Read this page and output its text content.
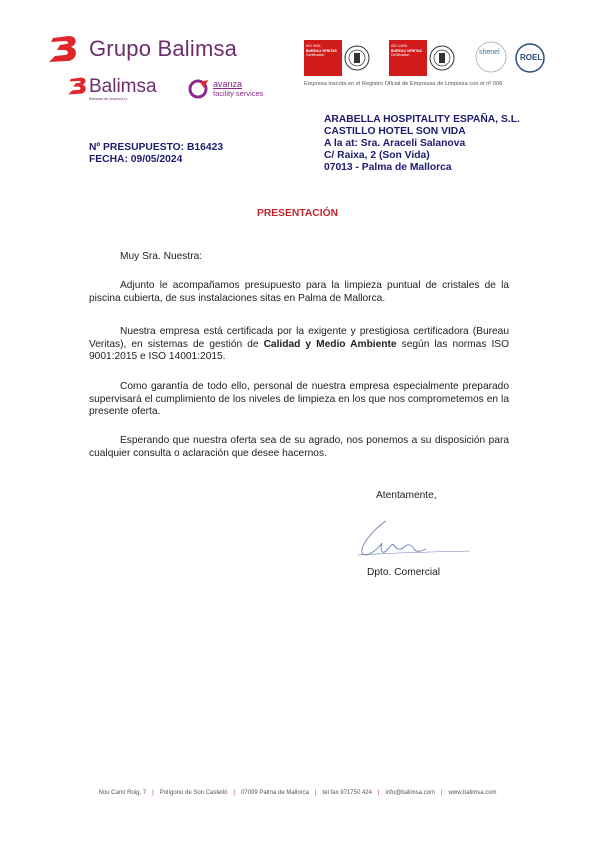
Grupo Balimsa
Balimsa
Balearas de Limpieza s.L.
avanza
facility services
ISO 9001
BUREAU VERITAS
Certification
ISO 14001
BUREAU VERITAS
Certification	shenel
ROEL
Empresa inscrita en el Registro Oficial de Empresas de Limpieza con el nº 006
ARABELLA HOSPITALITY ESPAÑA, S.L.
CASTILLO HOTEL SON VIDA
A la at: Sra. Araceli Salanova
C/ Raixa, 2 (Son Vida)
07013 - Palma de Mallorca
Nº PRESUPUESTO: B16423
FECHA: 09/05/2024
PRESENTACIÓN

Muy Sra. Nuestra:

Adjunto le acompañamos presupuesto para la limpieza puntual de cristales de la piscina cubierta, de sus instalaciones sitas en Palma de Mallorca.

Nuestra empresa está certificada por la exigente y prestigiosa certificadora (Bureau Veritas), en sistemas de gestión de Calidad y Medio Ambiente según las normas ISO 9001:2015 e ISO 14001:2015.

Como garantía de todo ello, personal de nuestra empresa especialmente preparado supervisará el cumplimiento de los niveles de limpieza en los que nos comprometemos en la presente oferta.

Esperando que nuestra oferta sea de su agrado, nos ponemos a su disposición para cualquier consulta o aclaración que desee hacernos.

Atentamente,
Dpto. Comercial
Nou Camí Roig, 7 | Polígono de Son Castelló | 07009 Palma de Mallorca | tel fax 971750 424 | info@balimsa.com | www.balimsa.com
